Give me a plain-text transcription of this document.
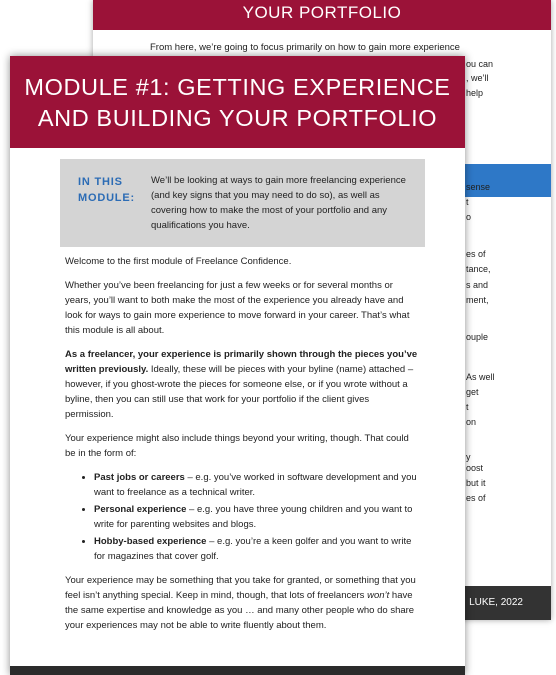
YOUR PORTFOLIO
From here, we’re going to focus primarily on how to gain more experience
ou can
, we’ll
help
sense
t
o
es of
tance,
s and
ment,
ouple
As well
get
t
on
y
oost
but it
es of
LUKE, 2022
MODULE #1: GETTING EXPERIENCE
AND BUILDING YOUR PORTFOLIO
IN THIS
MODULE:
We’ll be looking at ways to gain more freelancing experience (and key signs that you may need to do so), as well as covering how to make the most of your portfolio and any qualifications you have.

Welcome to the first module of Freelance Confidence.

Whether you’ve been freelancing for just a few weeks or for several months or years, you’ll want to both make the most of the experience you already have and look for ways to gain more experience to move forward in your career. That’s what this module is all about.

As a freelancer, your experience is primarily shown through the pieces you’ve written previously. Ideally, these will be pieces with your byline (name) attached – however, if you ghost-wrote the pieces for someone else, or if you wrote without a byline, then you can still use that work for your portfolio if the client gives permission.

Your experience might also include things beyond your writing, though. That could be in the form of:

• Past jobs or careers – e.g. you’ve worked in software development and you want to freelance as a technical writer.
• Personal experience – e.g. you have three young children and you want to write for parenting websites and blogs.
• Hobby-based experience – e.g. you’re a keen golfer and you want to write for magazines that cover golf.

Your experience may be something that you take for granted, or something that you feel isn’t anything special. Keep in mind, though, that lots of freelancers won’t have the same expertise and knowledge as you … and many other people who do share your experiences may not be able to write fluently about them.
